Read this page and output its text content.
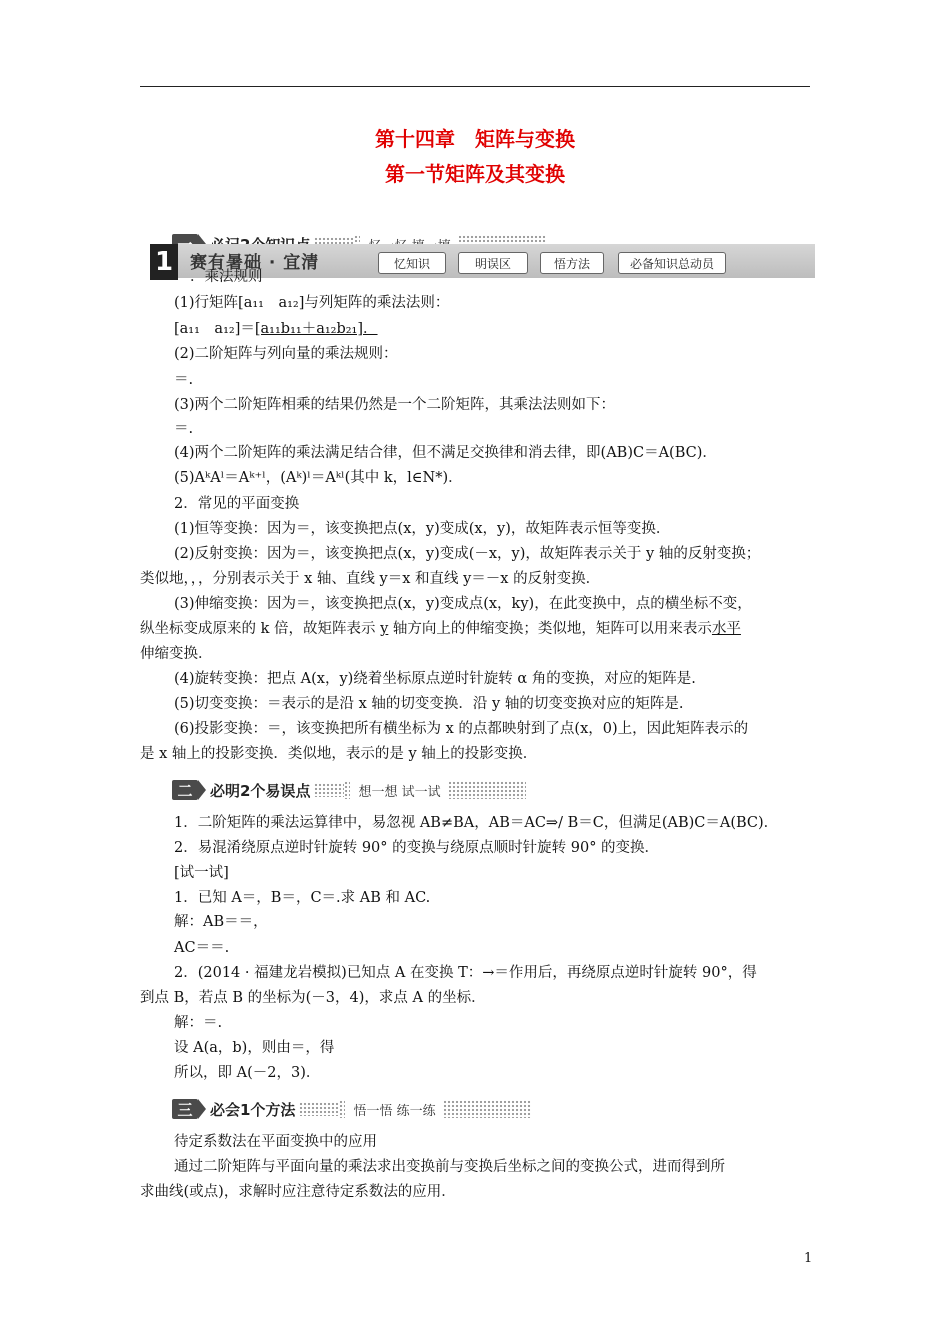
第十四章　矩阵与变换
第一节矩阵及其变换
1 赛有暑础 · 宜清	忆知识	明误区	悟方法	必备知识总动员
．乘法规则
(1)行矩阵[a₁₁　a₁₂]与列矩阵的乘法法则：
[a₁₁　a₁₂]＝[a₁₁b₁₁＋a₁₂b₂₁]．
(2)二阶矩阵与列向量的乘法规则：
＝.
(3)两个二阶矩阵相乘的结果仍然是一个二阶矩阵，其乘法法则如下：
＝.
(4)两个二阶矩阵的乘法满足结合律，但不满足交换律和消去律，即(AB)C＝A(BC)．
(5)AᵏAˡ＝Aᵏ⁺ˡ，(Aᵏ)ˡ＝Aᵏˡ(其中 k，l∈N*)．
2．常见的平面变换
(1)恒等变换：因为＝，该变换把点(x，y)变成(x，y)，故矩阵表示恒等变换．
(2)反射变换：因为＝，该变换把点(x，y)变成(－x，y)，故矩阵表示关于 y 轴的反射变换；
类似地，，，分别表示关于 x 轴、直线 y＝x 和直线 y＝－x 的反射变换．
(3)伸缩变换：因为＝，该变换把点(x，y)变成点(x，ky)，在此变换中，点的横坐标不变，
纵坐标变成原来的 k 倍，故矩阵表示 y 轴方向上的伸缩变换；类似地，矩阵可以用来表示水平
伸缩变换．
(4)旋转变换：把点 A(x，y)绕着坐标原点逆时针旋转 α 角的变换，对应的矩阵是.
(5)切变变换：＝表示的是沿 x 轴的切变变换．沿 y 轴的切变变换对应的矩阵是.
(6)投影变换：＝，该变换把所有横坐标为 x 的点都映射到了点(x，0)上，因此矩阵表示的
是 x 轴上的投影变换．类似地，表示的是 y 轴上的投影变换．
二	必明2个易误点	想一想 试一试
1．二阶矩阵的乘法运算律中，易忽视 AB≠BA，AB＝AC⇒/ B＝C，但满足(AB)C＝A(BC)．
2．易混淆绕原点逆时针旋转 90° 的变换与绕原点顺时针旋转 90° 的变换．
[试一试]
1．已知 A＝，B＝，C＝.求 AB 和 AC.
解：AB＝＝，
AC＝＝.
2．(2014 · 福建龙岩模拟)已知点 A 在变换 T：→＝作用后，再绕原点逆时针旋转 90°，得
到点 B，若点 B 的坐标为(－3，4)，求点 A 的坐标．
解：＝.
设 A(a，b)，则由＝，得
所以，即 A(－2，3)．
三	必会1个方法	悟一悟 练一练
待定系数法在平面变换中的应用
通过二阶矩阵与平面向量的乘法求出变换前与变换后坐标之间的变换公式，进而得到所
求曲线(或点)，求解时应注意待定系数法的应用．
1
